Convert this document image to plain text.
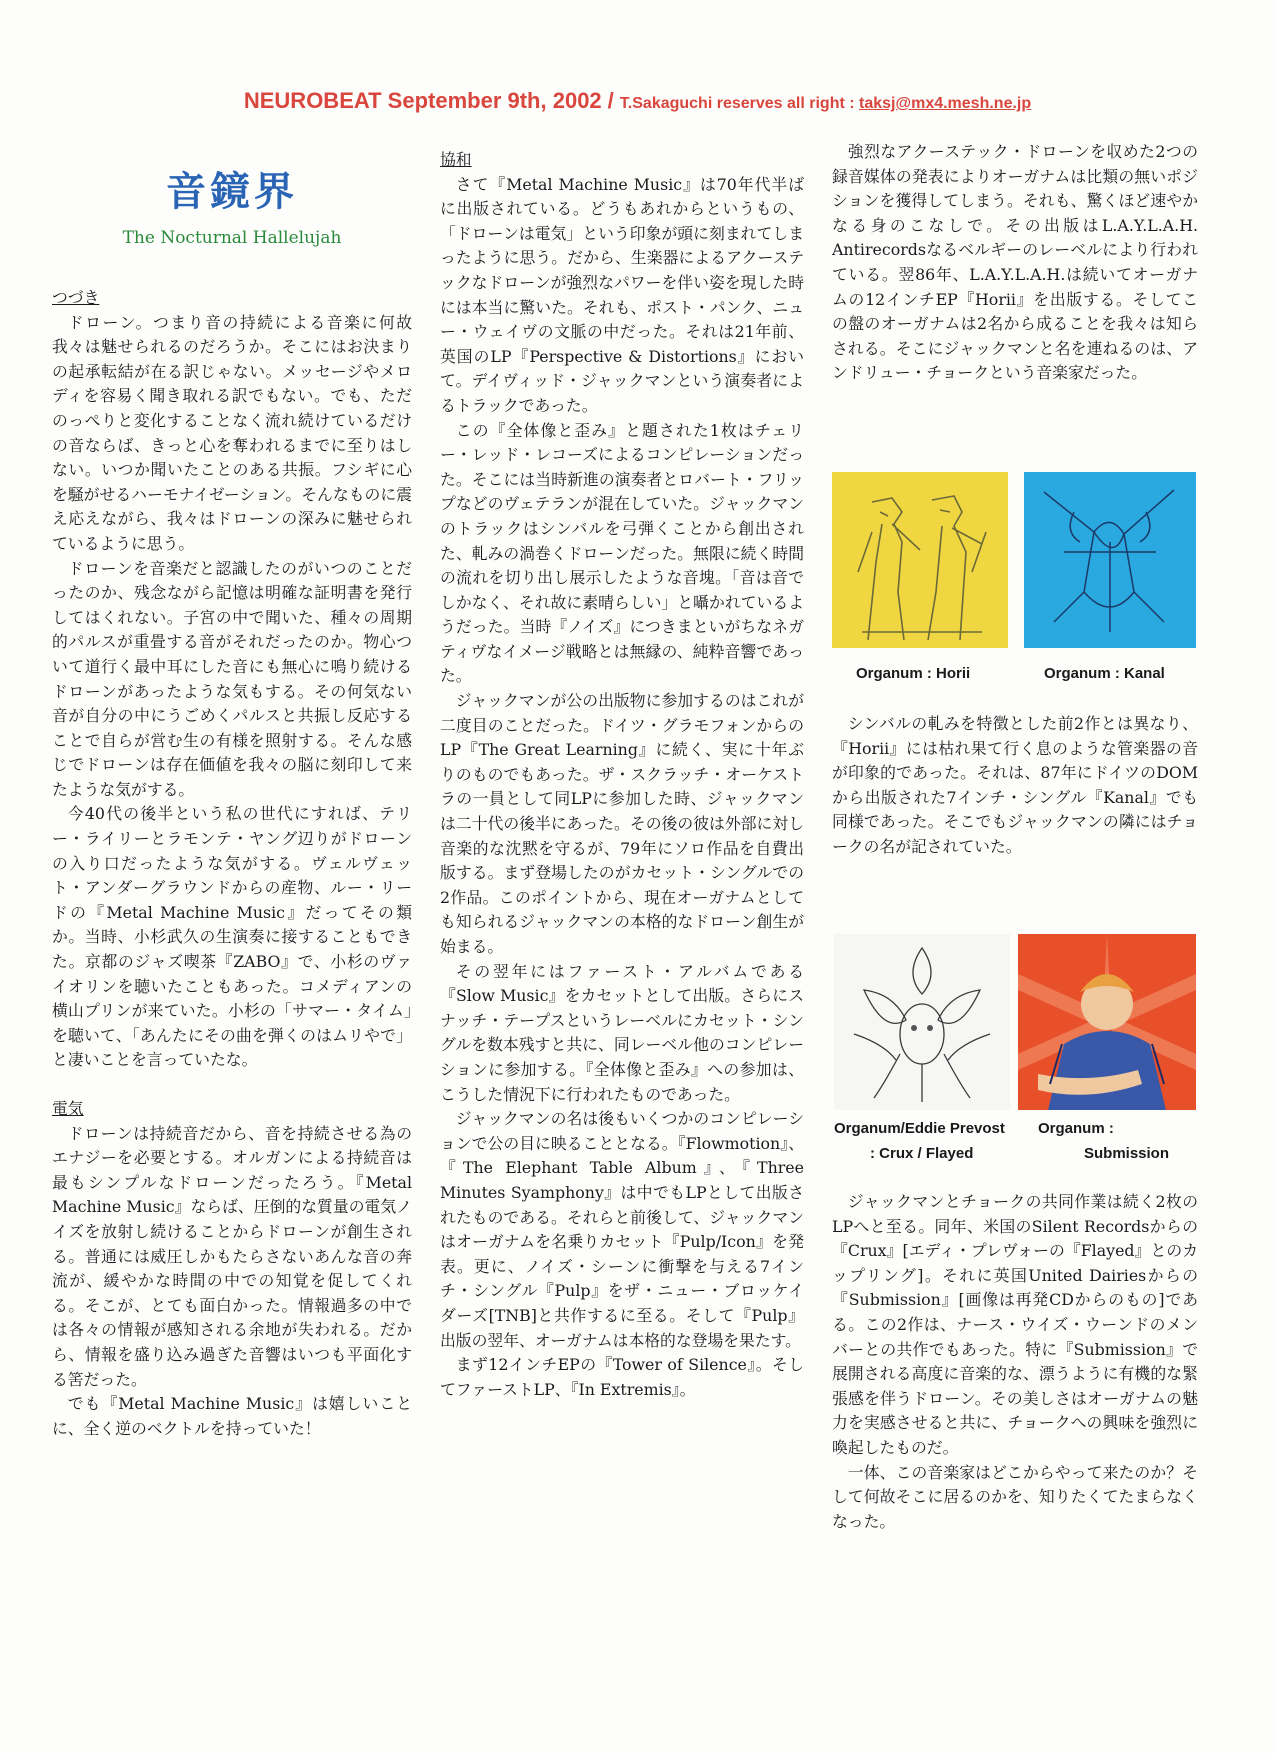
NEUROBEAT September 9th, 2002 / T.Sakaguchi reserves all right : taksj@mx4.mesh.ne.jp
音鏡界
The Nocturnal Hallelujah

つづき

ドローン。つまり音の持続による音楽に何故我々は魅せられるのだろうか。そこにはお決まりの起承転結が在る訳じゃない。メッセージやメロディを容易く聞き取れる訳でもない。でも、ただのっぺりと変化することなく流れ続けているだけの音ならば、きっと心を奪われるまでに至りはしない。いつか聞いたことのある共振。フシギに心を騒がせるハーモナイゼーション。そんなものに震え応えながら、我々はドローンの深みに魅せられているように思う。

ドローンを音楽だと認識したのがいつのことだったのか、残念ながら記憶は明確な証明書を発行してはくれない。子宮の中で聞いた、種々の周期的パルスが重畳する音がそれだったのか。物心ついて道行く最中耳にした音にも無心に鳴り続けるドローンがあったような気もする。その何気ない音が自分の中にうごめくパルスと共振し反応することで自らが営む生の有様を照射する。そんな感じでドローンは存在価値を我々の脳に刻印して来たような気がする。

今40代の後半という私の世代にすれば、テリー・ライリーとラモンテ・ヤング辺りがドローンの入り口だったような気がする。ヴェルヴェット・アンダーグラウンドからの産物、ルー・リードの『Metal Machine Music』だってその類か。当時、小杉武久の生演奏に接することもできた。京都のジャズ喫茶『ZABO』で、小杉のヴァイオリンを聴いたこともあった。コメディアンの横山プリンが来ていた。小杉の「サマー・タイム」を聴いて、「あんたにその曲を弾くのはムリやで」と凄いことを言っていたな。

電気

ドローンは持続音だから、音を持続させる為のエナジーを必要とする。オルガンによる持続音は最もシンプルなドローンだったろう。『Metal Machine Music』ならば、圧倒的な質量の電気ノイズを放射し続けることからドローンが創生される。普通には威圧しかもたらさないあんな音の奔流が、緩やかな時間の中での知覚を促してくれる。そこが、とても面白かった。情報過多の中では各々の情報が感知される余地が失われる。だから、情報を盛り込み過ぎた音響はいつも平面化する筈だった。

でも『Metal Machine Music』は嬉しいことに、全く逆のベクトルを持っていた！

協和

さて『Metal Machine Music』は70年代半ばに出版されている。どうもあれからというもの、「ドローンは電気」という印象が頭に刻まれてしまったように思う。だから、生楽器によるアクーステックなドローンが強烈なパワーを伴い姿を現した時には本当に驚いた。それも、ポスト・パンク、ニュー・ウェイヴの文脈の中だった。それは21年前、英国のLP『Perspective & Distortions』において。デイヴィッド・ジャックマンという演奏者によるトラックであった。

この『全体像と歪み』と題された1枚はチェリー・レッド・レコーズによるコンピレーションだった。そこには当時新進の演奏者とロバート・フリップなどのヴェテランが混在していた。ジャックマンのトラックはシンバルを弓弾くことから創出された、軋みの渦巻くドローンだった。無限に続く時間の流れを切り出し展示したような音塊。「音は音でしかなく、それ故に素晴らしい」と囁かれているようだった。当時『ノイズ』につきまといがちなネガティヴなイメージ戦略とは無縁の、純粋音響であった。

ジャックマンが公の出版物に参加するのはこれが二度目のことだった。ドイツ・グラモフォンからのLP『The Great Learning』に続く、実に十年ぶりのものでもあった。ザ・スクラッチ・オーケストラの一員として同LPに参加した時、ジャックマンは二十代の後半にあった。その後の彼は外部に対し音楽的な沈黙を守るが、79年にソロ作品を自費出版する。まず登場したのがカセット・シングルでの2作品。このポイントから、現在オーガナムとしても知られるジャックマンの本格的なドローン創生が始まる。

その翌年にはファースト・アルバムである『Slow Music』をカセットとして出版。さらにスナッチ・テープスというレーベルにカセット・シングルを数本残すと共に、同レーベル他のコンピレーションに参加する。『全体像と歪み』への参加は、こうした情況下に行われたものであった。

ジャックマンの名は後もいくつかのコンピレーションで公の目に映ることとなる。『Flowmotion』、『The Elephant Table Album』、『Three Minutes Syamphony』は中でもLPとして出版されたものである。それらと前後して、ジャックマンはオーガナムを名乗りカセット『Pulp/Icon』を発表。更に、ノイズ・シーンに衝撃を与える7インチ・シングル『Pulp』をザ・ニュー・ブロッケイダーズ[TNB]と共作するに至る。そして『Pulp』出版の翌年、オーガナムは本格的な登場を果たす。

まず12インチEPの『Tower of Silence』。そしてファーストLP、『In Extremis』。

強烈なアクーステック・ドローンを収めた2つの録音媒体の発表によりオーガナムは比類の無いポジションを獲得してしまう。それも、驚くほど速やかなる身のこなしで。その出版はL.A.Y.L.A.H. Antirecordsなるベルギーのレーベルにより行われている。翌86年、L.A.Y.L.A.H.は続いてオーガナムの12インチEP『Horii』を出版する。そしてこの盤のオーガナムは2名から成ることを我々は知らされる。そこにジャックマンと名を連ねるのは、アンドリュー・チョークという音楽家だった。

Organum : Horii	Organum : Kanal

シンバルの軋みを特徴とした前2作とは異なり、『Horii』には枯れ果て行く息のような管楽器の音が印象的であった。それは、87年にドイツのDOMから出版された7インチ・シングル『Kanal』でも同様であった。そこでもジャックマンの隣にはチョークの名が記されていた。

Organum/Eddie Prevost
: Crux / Flayed
Organum :
Submission

ジャックマンとチョークの共同作業は続く2枚のLPへと至る。同年、米国のSilent Recordsからの『Crux』[エディ・プレヴォーの『Flayed』とのカップリング]。それに英国United Dairiesからの『Submission』[画像は再発CDからのもの]である。この2作は、ナース・ウイズ・ウーンドのメンバーとの共作でもあった。特に『Submission』で展開される高度に音楽的な、漂うように有機的な緊張感を伴うドローン。その美しさはオーガナムの魅力を実感させると共に、チョークへの興味を強烈に喚起したものだ。

一体、この音楽家はどこからやって来たのか？そして何故そこに居るのかを、知りたくてたまらなくなった。
